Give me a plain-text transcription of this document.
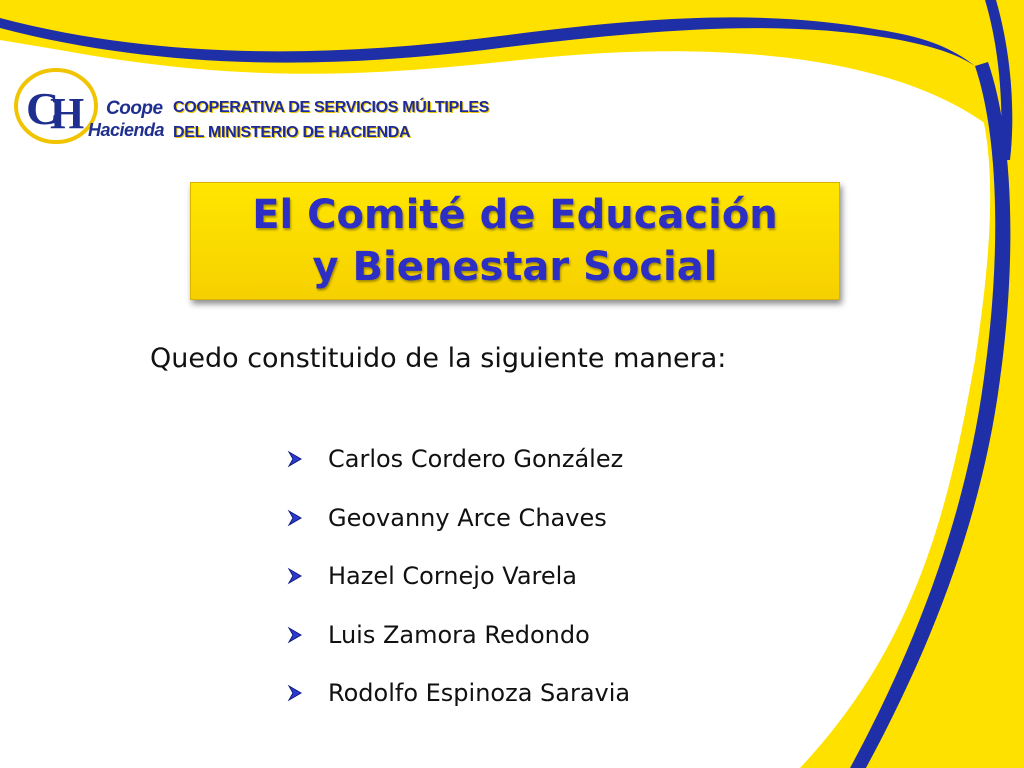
C
H Coope
Hacienda
COOPERATIVA DE SERVICIOS MÚLTIPLES
DEL MINISTERIO DE HACIENDA
El Comité de Educación
y Bienestar Social
Quedo constituido de la siguiente manera:
Carlos Cordero González
Geovanny Arce Chaves
Hazel Cornejo Varela
Luis Zamora Redondo
Rodolfo Espinoza Saravia
